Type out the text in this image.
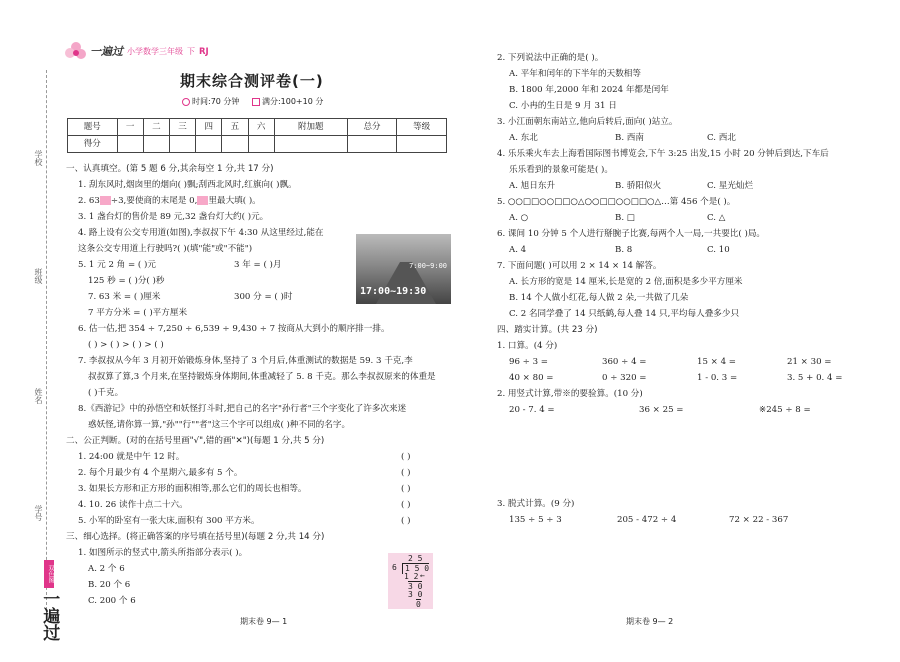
学校
班级
姓名
学号
双色图
一遍过
一遍过 小学数学三年级 下 RJ
期末综合测评卷(一)
时间:70 分钟	满分:100+10 分
题号	一	二	三	四	五	六	附加题	总分	等级
得分									
一、认真填空。(第 5 题 6 分,其余每空 1 分,共 17 分)
1. 刮东风时,烟囱里的烟向( )飘;刮西北风时,红旗向( )飘。
2. 63 ÷3,要使商的末尾是 0, 里最大填( )。
3. 1 盏台灯的售价是 89 元,32 盏台灯大约( )元。
4. 路上设有公交专用道(如图),李叔叔下午 4:30 从这里经过,能在
这条公交专用道上行驶吗?( )(填"能"或"不能")
5. 1 元 2 角 = ( )元	3 年 = ( )月
125 秒 = ( )分( )秒
7. 63 米 = ( )厘米	300 分 = ( )时
7 平方分米 = ( )平方厘米
6. 估一估,把 354 ÷ 7,250 ÷ 6,539 ÷ 9,430 ÷ 7 按商从大到小的顺序排一排。
( ) > ( ) > ( ) > ( )
7. 李叔叔从今年 3 月初开始锻炼身体,坚持了 3 个月后,体重测试的数据是 59. 3 千克,李
叔叔算了算,3 个月来,在坚持锻炼身体期间,体重减轻了 5. 8 千克。那么李叔叔原来的体重是
( )千克。
8.《西游记》中的孙悟空和妖怪打斗时,把自己的名字"孙行者"三个字变化了许多次来迷
惑妖怪,请你算一算,"孙""行""者"这三个字可以组成( )种不同的名字。
二、公正判断。(对的在括号里画"√",错的画"✕")(每题 1 分,共 5 分)
1. 24:00 就是中午 12 时。	( )
2. 每个月最少有 4 个星期六,最多有 5 个。	( )
3. 如果长方形和正方形的面积相等,那么它们的周长也相等。	( )
4. 10. 26 读作十点二十六。	( )
5. 小军的卧室有一张大床,面积有 300 平方米。	( )
三、细心选择。(将正确答案的序号填在括号里)(每题 2 分,共 14 分)
1. 如图所示的竖式中,箭头所指部分表示( )。
A. 2 个 6
B. 20 个 6
C. 200 个 6
7:00~9:00
17:00~19:30
2 5
6	1 5 0
1 2 ←
3 0
3 0
0
期末卷 9— 1
2. 下列说法中正确的是( )。
A. 平年和闰年的下半年的天数相等
B. 1800 年,2000 年和 2024 年都是闰年
C. 小冉的生日是 9 月 31 日
3. 小江面朝东南站立,他向后转后,面向( )站立。
A. 东北	B. 西南	C. 西北
4. 乐乐乘火车去上海看国际图书博览会,下午 3:25 出发,15 小时 20 分钟后到达,下车后
乐乐看到的景象可能是( )。
A. 旭日东升	B. 骄阳似火	C. 星光灿烂
5. ○○□□○○□□○△○○□□○○□□○△…第 456 个是( )。
A. ○	B. □	C. △
6. 课间 10 分钟 5 个人进行掰腕子比赛,每两个人一局,一共要比( )局。
A. 4	B. 8	C. 10
7. 下面问题( )可以用 2 × 14 × 14 解答。
A. 长方形的宽是 14 厘米,长是宽的 2 倍,面积是多少平方厘米
B. 14 个人做小红花,每人做 2 朵,一共做了几朵
C. 2 名同学叠了 14 只纸鹤,每人叠 14 只,平均每人叠多少只
四、踏实计算。(共 23 分)
1. 口算。(4 分)
96 ÷ 3 =	360 ÷ 4 =	15 × 4 =	21 × 30 =
40 × 80 =	0 ÷ 320 =	1 - 0. 3 =	3. 5 + 0. 4 =
2. 用竖式计算,带※的要验算。(10 分)
20 - 7. 4 =	36 × 25 =	※245 ÷ 8 =
3. 脱式计算。(9 分)
135 ÷ 5 ÷ 3	205 - 472 ÷ 4	72 × 22 - 367
期末卷 9— 2
